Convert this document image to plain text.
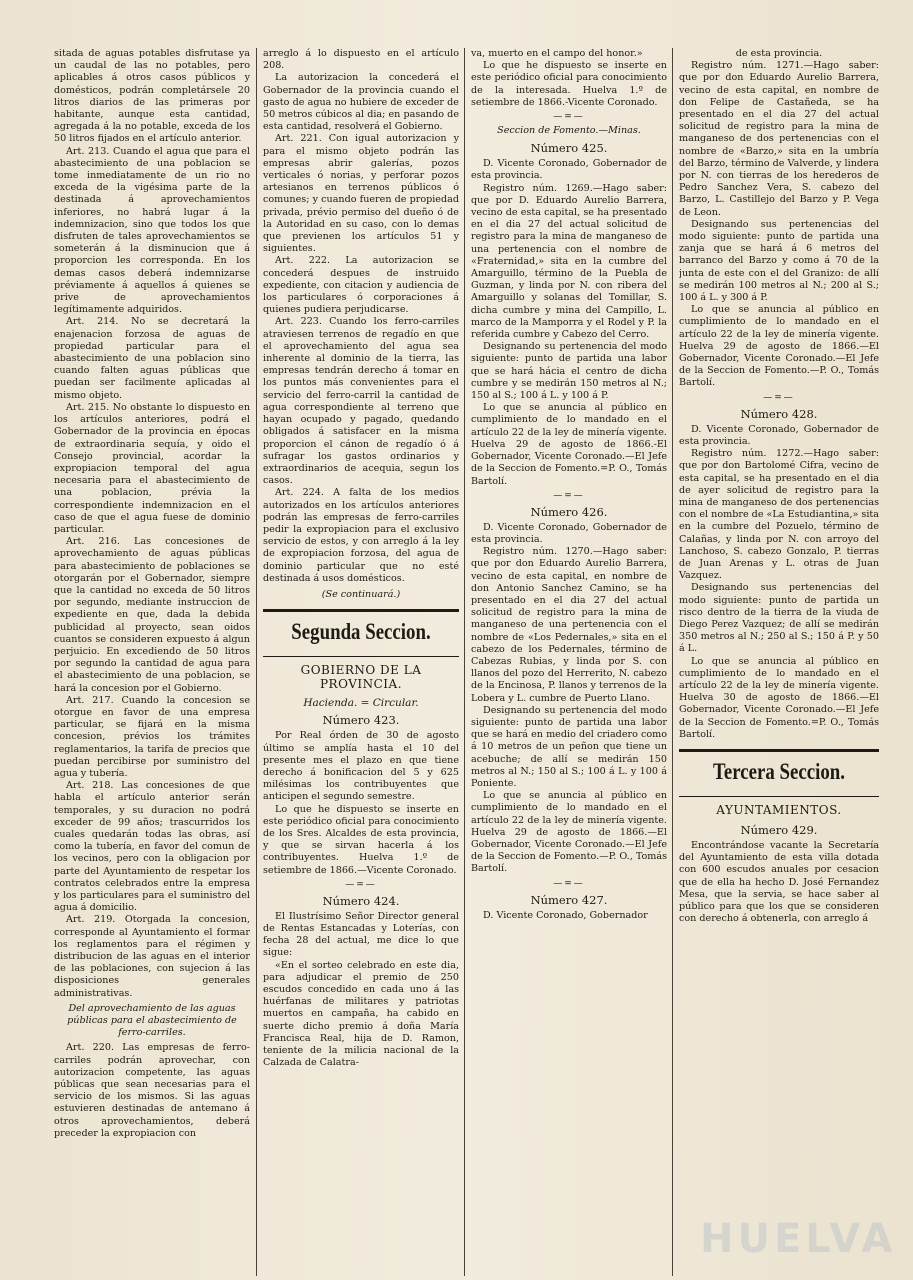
sitada de aguas potables disfrutase ya un caudal de las no potables, pero aplicables á otros casos públicos y domésticos, podrán completársele 20 litros diarios de las primeras por habitante, aunque esta cantidad, agregada á la no potable, exceda de los 50 litros fijados en el artículo anterior.

Art. 213. Cuando el agua que para el abastecimiento de una poblacion se tome inmediatamente de un rio no exceda de la vigésima parte de la destinada á aprovechamientos inferiores, no habrá lugar á la indemnizacion, sino que todos los que disfruten de tales aprovechamientos se someterán á la disminucion que á proporcion les corresponda. En los demas casos deberá indemnizarse préviamente á aquellos á quienes se prive de aprovechamientos legítimamente adquiridos.

Art. 214. No se decretará la enajenacion forzosa de aguas de propiedad particular para el abastecimiento de una poblacion sino cuando falten aguas públicas que puedan ser facilmente aplicadas al mismo objeto.

Art. 215. No obstante lo dispuesto en los artículos anteriores, podrá el Gobernador de la provincia en épocas de extraordinaria sequía, y oido el Consejo provincial, acordar la expropiacion temporal del agua necesaria para el abastecimiento de una poblacion, prévia la correspondiente indemnizacion en el caso de que el agua fuese de dominio particular.

Art. 216. Las concesiones de aprovechamiento de aguas públicas para abastecimiento de poblaciones se otorgarán por el Gobernador, siempre que la cantidad no exceda de 50 litros por segundo, mediante instruccion de expediente en que, dada la debida publicidad al proyecto, sean oidos cuantos se consideren expuesto á algun perjuicio. En excediendo de 50 litros por segundo la cantidad de agua para el abastecimiento de una poblacion, se hará la concesion por el Gobierno.

Art. 217. Cuando la concesion se otorgue en favor de una empresa particular, se fijará en la misma concesion, prévios los trámites reglamentarios, la tarifa de precios que puedan percibirse por suministro del agua y tubería.

Art. 218. Las concesiones de que habla el artículo anterior serán temporales, y su duracion no podrá exceder de 99 años; trascurridos los cuales quedarán todas las obras, así como la tubería, en favor del comun de los vecinos, pero con la obligacion por parte del Ayuntamiento de respetar los contratos celebrados entre la empresa y los particulares para el suministro del agua á domicilio.

Art. 219. Otorgada la concesion, corresponde al Ayuntamiento el formar los reglamentos para el régimen y distribucion de las aguas en el interior de las poblaciones, con sujecion á las disposiciones generales administrativas.

Del aprovechamiento de las aguas públicas para el abastecimiento de ferro-carriles.

Art. 220. Las empresas de ferro-carriles podrán aprovechar, con autorizacion competente, las aguas públicas que sean necesarias para el servicio de los mismos. Si las aguas estuvieren destinadas de antemano á otros aprovechamientos, deberá preceder la expropiacion con

arreglo á lo dispuesto en el artículo 208.

La autorizacion la concederá el Gobernador de la provincia cuando el gasto de agua no hubiere de exceder de 50 metros cúbicos al dia; en pasando de esta cantidad, resolverá el Gobierno.

Art. 221. Con igual autorizacion y para el mismo objeto podrán las empresas abrir galerías, pozos verticales ó norias, y perforar pozos artesianos en terrenos públicos ó comunes; y cuando fueren de propiedad privada, prévio permiso del dueño ó de la Autoridad en su caso, con lo demas que previenen los artículos 51 y siguientes.

Art. 222. La autorizacion se concederá despues de instruido expediente, con citacion y audiencia de los particulares ó corporaciones á quienes pudiera perjudicarse.

Art. 223. Cuando los ferro-carriles atraviesen terrenos de regadío en que el aprovechamiento del agua sea inherente al dominio de la tierra, las empresas tendrán derecho á tomar en los puntos más convenientes para el servicio del ferro-carril la cantidad de agua correspondiente al terreno que hayan ocupado y pagado, quedando obligados á satisfacer en la misma proporcion el cánon de regadío ó á sufragar los gastos ordinarios y extraordinarios de acequia, segun los casos.

Art. 224. A falta de los medios autorizados en los artículos anteriores podrán las empresas de ferro-carriles pedir la expropiacion para el exclusivo servicio de estos, y con arreglo á la ley de expropiacion forzosa, del agua de dominio particular que no esté destinada á usos domésticos.

(Se continuará.)

Segunda Seccion.
GOBIERNO DE LA PROVINCIA.

Hacienda. = Circular.

Número 423.

Por Real órden de 30 de agosto último se amplía hasta el 10 del presente mes el plazo en que tiene derecho á bonificacion del 5 y 625 milésimas los contribuyentes que anticipen el segundo semestre.

Lo que he dispuesto se inserte en este periódico oficial para conocimiento de los Sres. Alcaldes de esta provincia, y que se sirvan hacerla á los contribuyentes. Huelva 1.º de setiembre de 1866.—Vicente Coronado.

—=—
Número 424.

El Ilustrísimo Señor Director general de Rentas Estancadas y Loterías, con fecha 28 del actual, me dice lo que sigue:

«En el sorteo celebrado en este dia, para adjudicar el premio de 250 escudos concedido en cada uno á las huérfanas de militares y patriotas muertos en campaña, ha cabido en suerte dicho premio á doña María Francisca Real, hija de D. Ramon, teniente de la milicia nacional de la Calzada de Calatra-

va, muerto en el campo del honor.»

Lo que he dispuesto se inserte en este periódico oficial para conocimiento de la interesada. Huelva 1.º de setiembre de 1866.-Vicente Coronado.

—=—

Seccion de Fomento.—Minas.

Número 425.

D. Vicente Coronado, Gobernador de esta provincia.

Registro núm. 1269.—Hago saber: que por D. Eduardo Aurelio Barrera, vecino de esta capital, se ha presentado en el dia 27 del actual solicitud de registro para la mina de manganeso de una pertenencia con el nombre de «Fraternidad,» sita en la cumbre del Amarguillo, término de la Puebla de Guzman, y linda por N. con ribera del Amarguillo y solanas del Tomillar, S. dicha cumbre y mina del Campillo, L. marco de la Mamporra y el Rodel y P. la referida cumbre y Cabezo del Cerro.

Designando su pertenencia del modo siguiente: punto de partida una labor que se hará hácia el centro de dicha cumbre y se medirán 150 metros al N.; 150 al S.; 100 á L. y 100 á P.

Lo que se anuncia al público en cumplimiento de lo mandado en el artículo 22 de la ley de minería vigente. Huelva 29 de agosto de 1866.-El Gobernador, Vicente Coronado.—El Jefe de la Seccion de Fomento.=P. O., Tomás Bartolí.

—=—
Número 426.

D. Vicente Coronado, Gobernador de esta provincia.

Registro núm. 1270.—Hago saber: que por don Eduardo Aurelio Barrera, vecino de esta capital, en nombre de don Antonio Sanchez Camino, se ha presentado en el dia 27 del actual solicitud de registro para la mina de manganeso de una pertenencia con el nombre de «Los Pedernales,» sita en el cabezo de los Pedernales, término de Cabezas Rubias, y linda por S. con llanos del pozo del Herrerito, N. cabezo de la Encinosa, P. llanos y terrenos de la Lobera y L. cumbre de Puerto Llano.

Designando su pertenencia del modo siguiente: punto de partida una labor que se hará en medio del criadero como á 10 metros de un peñon que tiene un acebuche; de allí se medirán 150 metros al N.; 150 al S.; 100 á L. y 100 á Poniente.

Lo que se anuncia al público en cumplimiento de lo mandado en el artículo 22 de la ley de minería vigente. Huelva 29 de agosto de 1866.—El Gobernador, Vicente Coronado.—El Jefe de la Seccion de Fomento.—P. O., Tomás Bartolí.

—=—
Número 427.

D. Vicente Coronado, Gobernador

de esta provincia.

Registro núm. 1271.—Hago saber: que por don Eduardo Aurelio Barrera, vecino de esta capital, en nombre de don Felipe de Castañeda, se ha presentado en el dia 27 del actual solicitud de registro para la mina de manganeso de dos pertenencias con el nombre de «Barzo,» sita en la umbría del Barzo, término de Valverde, y lindera por N. con tierras de los herederos de Pedro Sanchez Vera, S. cabezo del Barzo, L. Castillejo del Barzo y P. Vega de Leon.

Designando sus pertenencias del modo siguiente: punto de partida una zanja que se hará á 6 metros del barranco del Barzo y como á 70 de la junta de este con el del Granizo: de allí se medirán 100 metros al N.; 200 al S.; 100 á L. y 300 á P.

Lo que se anuncia al público en cumplimiento de lo mandado en el artículo 22 de la ley de minería vigente. Huelva 29 de agosto de 1866.—El Gobernador, Vicente Coronado.—El Jefe de la Seccion de Fomento.—P. O., Tomás Bartolí.

—=—
Número 428.

D. Vicente Coronado, Gobernador de esta provincia.

Registro núm. 1272.—Hago saber: que por don Bartolomé Cifra, vecino de esta capital, se ha presentado en el dia de ayer solicitud de registro para la mina de manganeso de dos pertenencias con el nombre de «La Estudiantina,» sita en la cumbre del Pozuelo, término de Calañas, y linda por N. con arroyo del Lanchoso, S. cabezo Gonzalo, P. tierras de Juan Arenas y L. otras de Juan Vazquez.

Designando sus pertenencias del modo siguiente: punto de partida un risco dentro de la tierra de la viuda de Diego Perez Vazquez; de allí se medirán 350 metros al N.; 250 al S.; 150 á P. y 50 á L.

Lo que se anuncia al público en cumplimiento de lo mandado en el artículo 22 de la ley de minería vigente. Huelva 30 de agosto de 1866.—El Gobernador, Vicente Coronado.—El Jefe de la Seccion de Fomento.=P. O., Tomás Bartolí.

Tercera Seccion.
AYUNTAMIENTOS.
Número 429.

Encontrándose vacante la Secretaría del Ayuntamiento de esta villa dotada con 600 escudos anuales por cesacion que de ella ha hecho D. José Fernandez Mesa, que la servia, se hace saber al público para que los que se consideren con derecho á obtenerla, con arreglo á

HUELVA
